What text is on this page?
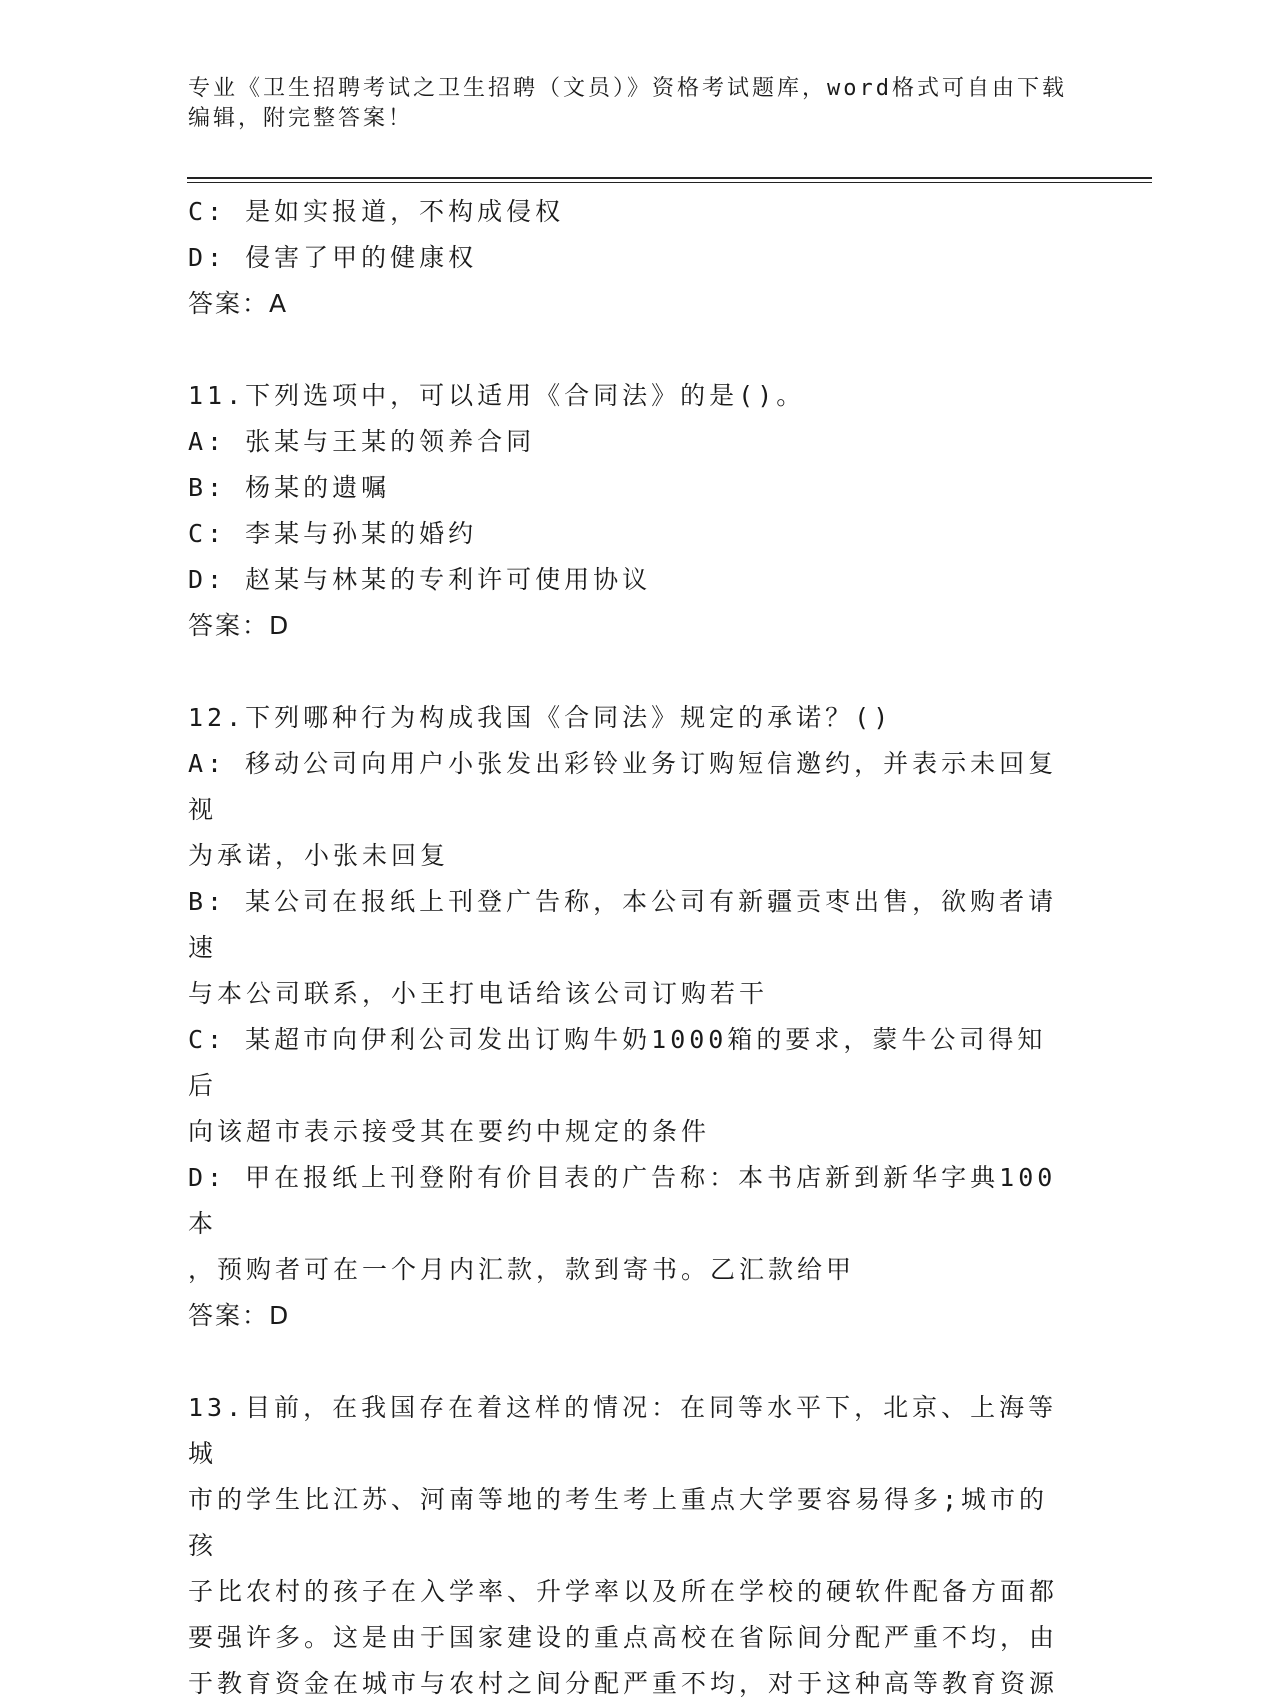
专业《卫生招聘考试之卫生招聘（文员）》资格考试题库，word格式可自由下载
编辑，附完整答案！
C: 是如实报道，不构成侵权
D: 侵害了甲的健康权
答案：A
11.下列选项中，可以适用《合同法》的是()。
A: 张某与王某的领养合同
B: 杨某的遗嘱
C: 李某与孙某的婚约
D: 赵某与林某的专利许可使用协议
答案：D
12.下列哪种行为构成我国《合同法》规定的承诺？()
A: 移动公司向用户小张发出彩铃业务订购短信邀约，并表示未回复视
为承诺，小张未回复
B: 某公司在报纸上刊登广告称，本公司有新疆贡枣出售，欲购者请速
与本公司联系，小王打电话给该公司订购若干
C: 某超市向伊利公司发出订购牛奶1000箱的要求，蒙牛公司得知后
向该超市表示接受其在要约中规定的条件
D: 甲在报纸上刊登附有价目表的广告称：本书店新到新华字典100本
，预购者可在一个月内汇款，款到寄书。乙汇款给甲
答案：D
13.目前，在我国存在着这样的情况：在同等水平下，北京、上海等城
市的学生比江苏、河南等地的考生考上重点大学要容易得多;城市的孩
子比农村的孩子在入学率、升学率以及所在学校的硬软件配备方面都
要强许多。这是由于国家建设的重点高校在省际间分配严重不均，由
于教育资金在城市与农村之间分配严重不均，对于这种高等教育资源
